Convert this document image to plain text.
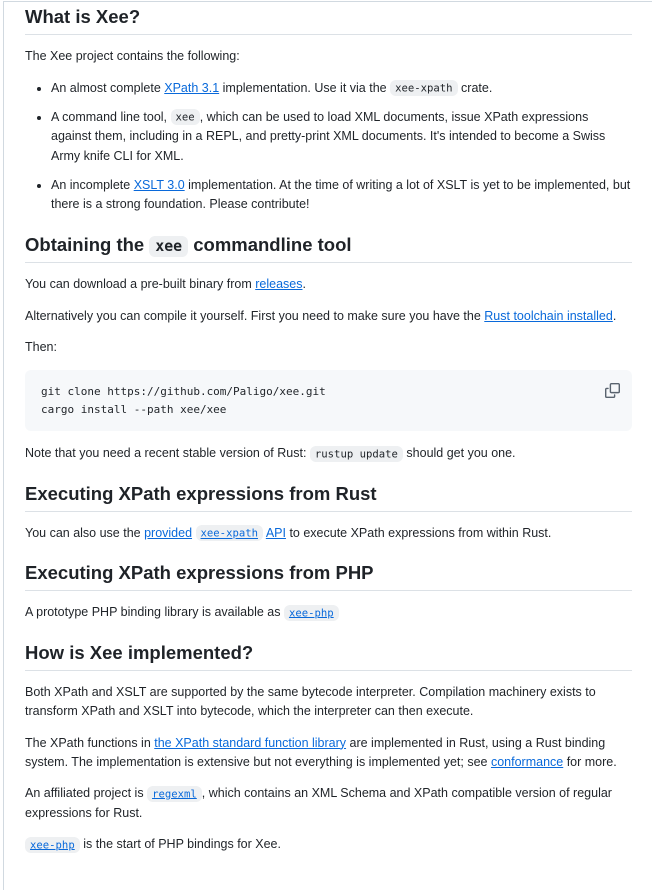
What is Xee?

The Xee project contains the following:

• An almost complete XPath 3.1 implementation. Use it via the xee-xpath crate.
• A command line tool, xee , which can be used to load XML documents, issue XPath expressions against them, including in a REPL, and pretty-print XML documents. It's intended to become a Swiss Army knife CLI for XML.
• An incomplete XSLT 3.0 implementation. At the time of writing a lot of XSLT is yet to be implemented, but there is a strong foundation. Please contribute!
Obtaining the xee commandline tool

You can download a pre-built binary from releases.

Alternatively you can compile it yourself. First you need to make sure you have the Rust toolchain installed.

Then:

git clone https://github.com/Paligo/xee.git
cargo install --path xee/xee

Note that you need a recent stable version of Rust: rustup update should get you one.

Executing XPath expressions from Rust

You can also use the provided xee-xpath API to execute XPath expressions from within Rust.

Executing XPath expressions from PHP

A prototype PHP binding library is available as xee-php

How is Xee implemented?

Both XPath and XSLT are supported by the same bytecode interpreter. Compilation machinery exists to transform XPath and XSLT into bytecode, which the interpreter can then execute.

The XPath functions in the XPath standard function library are implemented in Rust, using a Rust binding system. The implementation is extensive but not everything is implemented yet; see conformance for more.

An affiliated project is regexml , which contains an XML Schema and XPath compatible version of regular expressions for Rust.

xee-php is the start of PHP bindings for Xee.
